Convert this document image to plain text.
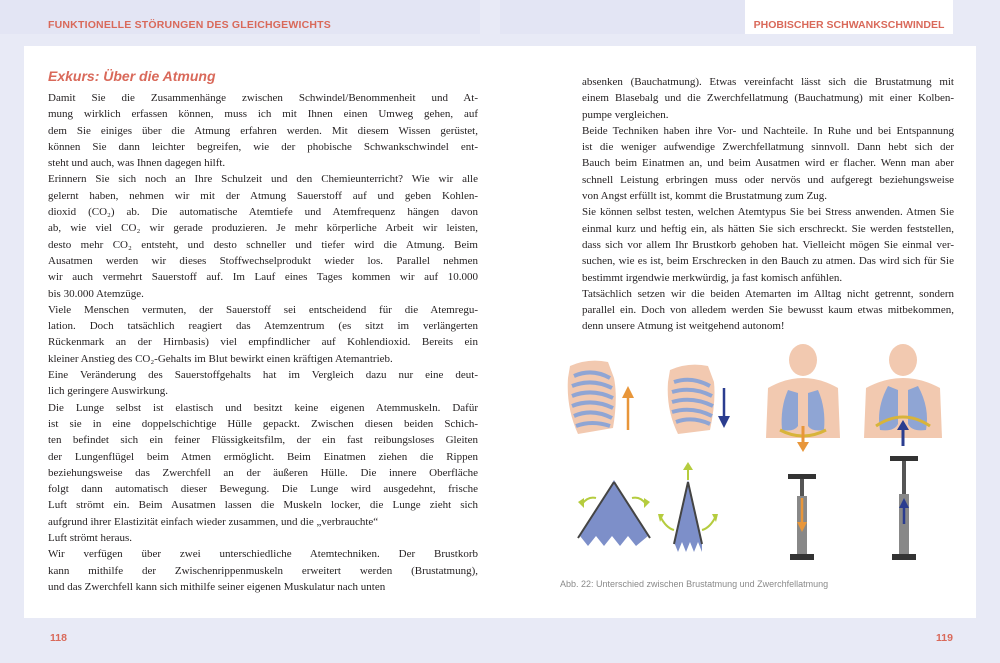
FUNKTIONELLE STÖRUNGEN DES GLEICHGEWICHTS
Exkurs: Über die Atmung

Damit Sie die Zusammenhänge zwischen Schwindel/Benommenheit und At-

mung wirklich erfassen können, muss ich mit Ihnen einen Umweg gehen, auf

dem Sie einiges über die Atmung erfahren werden. Mit diesem Wissen gerüstet,

können Sie dann leichter begreifen, wie der phobische Schwankschwindel ent-

steht und auch, was Ihnen dagegen hilft.

Erinnern Sie sich noch an Ihre Schulzeit und den Chemieunterricht? Wie wir alle

gelernt haben, nehmen wir mit der Atmung Sauerstoff auf und geben Kohlen-

dioxid (CO₂) ab. Die automatische Atemtiefe und Atemfrequenz hängen davon

ab, wie viel CO₂ wir gerade produzieren. Je mehr körperliche Arbeit wir leisten,

desto mehr CO₂ entsteht, und desto schneller und tiefer wird die Atmung. Beim

Ausatmen werden wir dieses Stoffwechselprodukt wieder los. Parallel nehmen

wir auch vermehrt Sauerstoff auf. Im Lauf eines Tages kommen wir auf 10.000

bis 30.000 Atemzüge.

Viele Menschen vermuten, der Sauerstoff sei entscheidend für die Atemregu-

lation. Doch tatsächlich reagiert das Atemzentrum (es sitzt im verlängerten

Rückenmark an der Hirnbasis) viel empfindlicher auf Kohlendioxid. Bereits ein

kleiner Anstieg des CO₂-Gehalts im Blut bewirkt einen kräftigen Atemantrieb.

Eine Veränderung des Sauerstoffgehalts hat im Vergleich dazu nur eine deut-

lich geringere Auswirkung.

Die Lunge selbst ist elastisch und besitzt keine eigenen Atemmuskeln. Dafür

ist sie in eine doppelschichtige Hülle gepackt. Zwischen diesen beiden Schich-

ten befindet sich ein feiner Flüssigkeitsfilm, der ein fast reibungsloses Gleiten

der Lungenflügel beim Atmen ermöglicht. Beim Einatmen ziehen die Rippen

beziehungsweise das Zwerchfell an der äußeren Hülle. Die innere Oberfläche

folgt dann automatisch dieser Bewegung. Die Lunge wird ausgedehnt, frische

Luft strömt ein. Beim Ausatmen lassen die Muskeln locker, die Lunge zieht sich

aufgrund ihrer Elastizität einfach wieder zusammen, und die „verbrauchte“

Luft strömt heraus.

Wir verfügen über zwei unterschiedliche Atemtechniken. Der Brustkorb

kann mithilfe der Zwischenrippenmuskeln erweitert werden (Brustatmung),

und das Zwerchfell kann sich mithilfe seiner eigenen Muskulatur nach unten

118
PHOBISCHER SCHWANKSCHWINDEL

absenken (Bauchatmung). Etwas vereinfacht lässt sich die Brustatmung mit

einem Blasebalg und die Zwerchfellatmung (Bauchatmung) mit einer Kolben-

pumpe vergleichen.

Beide Techniken haben ihre Vor- und Nachteile. In Ruhe und bei Entspannung

ist die weniger aufwendige Zwerchfellatmung sinnvoll. Dann hebt sich der

Bauch beim Einatmen an, und beim Ausatmen wird er flacher. Wenn man aber

schnell Leistung erbringen muss oder nervös und aufgeregt beziehungsweise

von Angst erfüllt ist, kommt die Brustatmung zum Zug.

Sie können selbst testen, welchen Atemtypus Sie bei Stress anwenden. Atmen Sie

einmal kurz und heftig ein, als hätten Sie sich erschreckt. Sie werden feststellen,

dass sich vor allem Ihr Brustkorb gehoben hat. Vielleicht mögen Sie einmal ver-

suchen, wie es ist, beim Erschrecken in den Bauch zu atmen. Das wird sich für Sie

bestimmt irgendwie merkwürdig, ja fast komisch anfühlen.

Tatsächlich setzen wir die beiden Atemarten im Alltag nicht getrennt, sondern

parallel ein. Doch von alledem werden Sie bewusst kaum etwas mitbekommen,

denn unsere Atmung ist weitgehend autonom!

Abb. 22: Unterschied zwischen Brustatmung und Zwerchfellatmung
119
